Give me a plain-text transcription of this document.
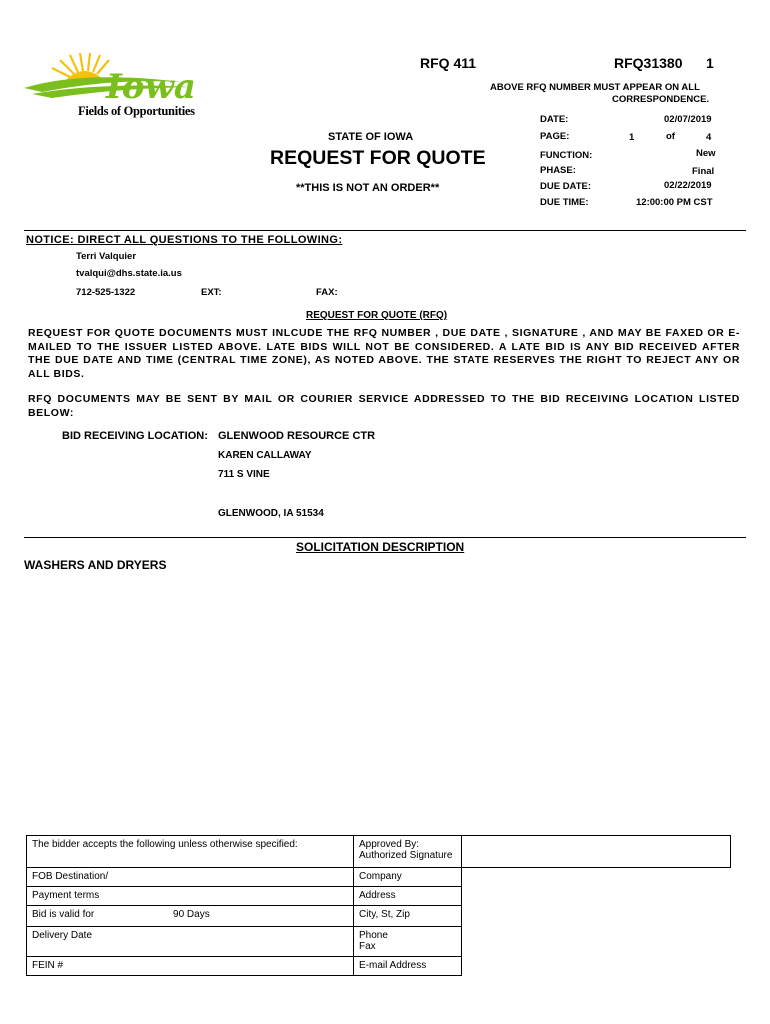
Iowa
Fields of Opportunities
RFQ 411	RFQ31380 1
ABOVE RFQ NUMBER MUST APPEAR ON ALL
CORRESPONDENCE.
STATE OF IOWA
REQUEST FOR QUOTE
**THIS IS NOT AN ORDER**
DATE:	02/07/2019
PAGE:	1	of	4
FUNCTION:	New
PHASE:	Final
DUE DATE:	02/22/2019
DUE TIME:	12:00:00 PM CST
NOTICE: DIRECT ALL QUESTIONS TO THE FOLLOWING:
Terri Valquier
tvalqui@dhs.state.ia.us
712-525-1322	EXT:	FAX:
REQUEST FOR QUOTE (RFQ)
REQUEST FOR QUOTE DOCUMENTS MUST INLCUDE THE RFQ NUMBER , DUE DATE , SIGNATURE , AND MAY BE FAXED OR E-MAILED TO THE ISSUER LISTED ABOVE. LATE BIDS WILL NOT BE CONSIDERED. A LATE BID IS ANY BID RECEIVED AFTER THE DUE DATE AND TIME (CENTRAL TIME ZONE), AS NOTED ABOVE. THE STATE RESERVES THE RIGHT TO REJECT ANY OR ALL BIDS.
RFQ DOCUMENTS MAY BE SENT BY MAIL OR COURIER SERVICE ADDRESSED TO THE BID RECEIVING LOCATION LISTED BELOW:
BID RECEIVING LOCATION: GLENWOOD RESOURCE CTR
KAREN CALLAWAY
711 S VINE
GLENWOOD, IA 51534
SOLICITATION DESCRIPTION
WASHERS AND DRYERS
The bidder accepts the following unless otherwise specified:	Approved By:
Authorized Signature	

FOB Destination/	Company	
Payment terms	Address	
Bid is valid for 90 Days	City, St, Zip	
Delivery Date	Phone
Fax	

FEIN #	E-mail Address	
